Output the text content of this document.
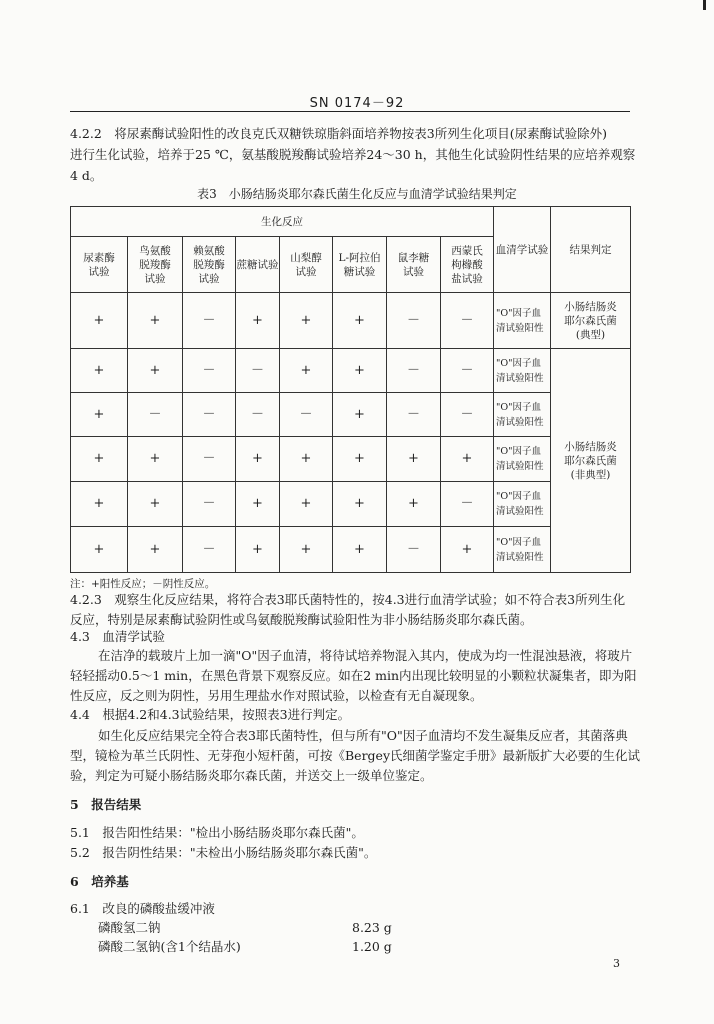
SN 0174－92
4.2.2　将尿素酶试验阳性的改良克氏双糖铁琼脂斜面培养物按表3所列生化项目(尿素酶试验除外)
进行生化试验，培养于25 ℃，氨基酸脱羧酶试验培养24～30 h，其他生化试验阴性结果的应培养观察
4 d。
表3　小肠结肠炎耶尔森氏菌生化反应与血清学试验结果判定
生化反应								血清学试验	结果判定
尿素酶
试验	鸟氨酸
脱羧酶
试验	赖氨酸
脱羧酶
试验	蔗糖试验	山梨醇
试验	L-阿拉伯
糖试验	鼠李糖
试验	西蒙氏
枸橼酸
盐试验		
+	+	－	+	+	+	－	－	"O"因子血
清试验阳性	小肠结肠炎
耶尔森氏菌
(典型)
+	+	－	－	+	+	－	－	"O"因子血
清试验阳性	小肠结肠炎
耶尔森氏菌
(非典型)
+	－	－	－	－	+	－	－	"O"因子血
清试验阳性	
+	+	－	+	+	+	+	+	"O"因子血
清试验阳性	
+	+	－	+	+	+	+	－	"O"因子血
清试验阳性	
+	+	－	+	+	+	－	+	"O"因子血
清试验阳性	
注：+阳性反应；－阴性反应。
4.2.3　观察生化反应结果，将符合表3耶氏菌特性的，按4.3进行血清学试验；如不符合表3所列生化
反应，特别是尿素酶试验阴性或鸟氨酸脱羧酶试验阳性为非小肠结肠炎耶尔森氏菌。
4.3　血清学试验
在洁净的载玻片上加一滴"O"因子血清，将待试培养物混入其内，使成为均一性混浊悬液，将玻片
轻轻摇动0.5～1 min，在黑色背景下观察反应。如在2 min内出现比较明显的小颗粒状凝集者，即为阳
性反应，反之则为阴性，另用生理盐水作对照试验，以检查有无自凝现象。
4.4　根据4.2和4.3试验结果，按照表3进行判定。
如生化反应结果完全符合表3耶氏菌特性，但与所有"O"因子血清均不发生凝集反应者，其菌落典
型，镜检为革兰氏阴性、无芽孢小短杆菌，可按《Bergey氏细菌学鉴定手册》最新版扩大必要的生化试
验，判定为可疑小肠结肠炎耶尔森氏菌，并送交上一级单位鉴定。
5　报告结果
5.1　报告阳性结果："检出小肠结肠炎耶尔森氏菌"。
5.2　报告阴性结果："未检出小肠结肠炎耶尔森氏菌"。
6　培养基
6.1　改良的磷酸盐缓冲液
磷酸氢二钠	8.23 g
磷酸二氢钠(含1个结晶水)	1.20 g
3
